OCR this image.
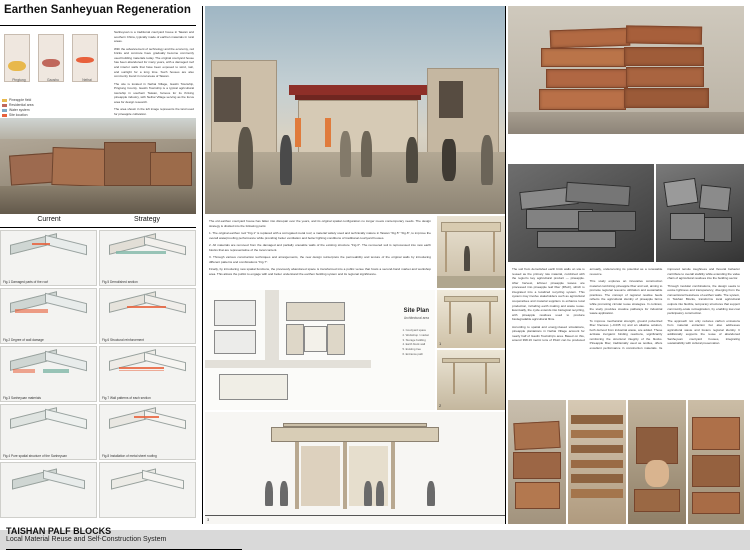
Earthen Sanheyuan Regeneration
Pingtung	Gaoshu	Neihai
Pineapple field
Residential area
Water system
Site location

Sanheyuan is a traditional courtyard house in Taiwan and southern China, typically made of earthen materials in rural areas.

With the advancement of technology and the economy, red bricks and concrete have gradually become commonly used building materials today. The original courtyard house has been abandoned for many years, with a damaged roof and interior walls that have been exposed to wind, rain, and sunlight for a long time. Such houses are also commonly found in rural areas of Taiwan.

The site is located in Neihai Village, Gaolin Township, Pingtung County. Gaolin Township is a typical agricultural township in southern Taiwan, famous for its thriving pineapple industry, with Neihai Village serving as the focus area for design research.

The area shown in the left image represents the land used for pineapple cultivation.

Current	Strategy
Fig.1 Damaged parts of the roof	Fig.5 Demolished section
Fig.2 Degree of wall damage	Fig.6 Structural reinforcement
Fig.3 Sanheyuan materials	Fig.7 Wall patterns of each section
Fig.4 Pure spatial structure of the Sanheyuan	Fig.8 Installation of metal sheet roofing

The old earthen courtyard house has fallen into disrepair over the years, and its original spatial configuration no longer meets contemporary needs. The design strategy is divided into the following parts:

1. The original earthen roof "Fig.1" is replaced with a corrugated metal roof, a material widely used and technically mature in Taiwan "Fig.5" "Fig.8", to improve the overall waterproofing performance while providing better ventilation and better lighting conditions of traditional courtyard houses.

2. All materials are removed from the damaged and partially unusable walls of the existing structure "Fig.3". The recovered soil is reprocessed into new earth blocks that are representative of the local content.

3. Through various construction techniques and arrangements, the new design reinterprets the permeability and texture of the original walls by introducing different patterns and combinations "Fig.7".

Finally, by introducing new spatial functions, the previously abandoned space is transformed into a public venue that hosts a second-hand market and workshop area. This allows the public to engage with and better understand the earthen building system and its regional significance.

Site Plan
Architectural area
1. Courtyard space
2. Workshop / market
3. Storage building
4. Earth block wall
5. Existing tree
6. Entrance path
1
2
3
TAISHAN PALF BLOCKS
Local Material Reuse and Self-Construction System

The soil from demolished earth brick walls on site is reused as the primary raw material, combined with the region's key agricultural product — pineapple. After harvest, leftover pineapple leaves are processed into pineapple leaf fiber (PALF), which is integrated into a localized recycling system. This system may involve stakeholders such as agricultural cooperatives and material suppliers to enhance local production, including earth making and waste reuse. Eventually, the cycle extends into biological recycling, with pineapple residues used to produce biodegradable agricultural films.

According to spatial and energy-based simulations, pineapple plantations in Neihai Village account for nearly half of Gaolin Township's area. Based on this, around 398.16 metric tons of PALF can be produced annually, underscoring its potential as a renewable resource.

This study explores an innovative construction material combining pineapple fiber and soil, aiming to promote regional resource utilization and sustainable practices. The concept of regional residue feeds reflects the agricultural identity of pineapple farms while promoting circular reuse strategies. In contrast, the study provides creative pathways for industrial waste application.

To improve mechanical strength, ground pulverized fiber fineness (~0.035 m) and an alkaline solution, both derived from industrial waste, are added. These activate inorganic binding reactions, significantly reinforcing the structural integrity of the blocks. Pineapple fiber, traditionally used as textiles, offers excellent performance in construction materials. Its improved tensile toughness and flexural behavior contribute to overall stability while extending the value chain of agricultural residues into the building sector.

Through modular combinations, the design seeks to evoke lightness and transparency, diverging from the conventional heaviness of earthen walls. The system, in Taishan Blocks, transforms local agricultural outputs into flexible, temporary structures that support community-scale reimagination, by enabling low-cost participatory construction.

The approach not only reduces carbon emissions from material extraction but also addresses agricultural waste and fosters regional identity. It additionally supports the reuse of abandoned Sanheyuan courtyard houses, integrating sustainability with cultural preservation.
